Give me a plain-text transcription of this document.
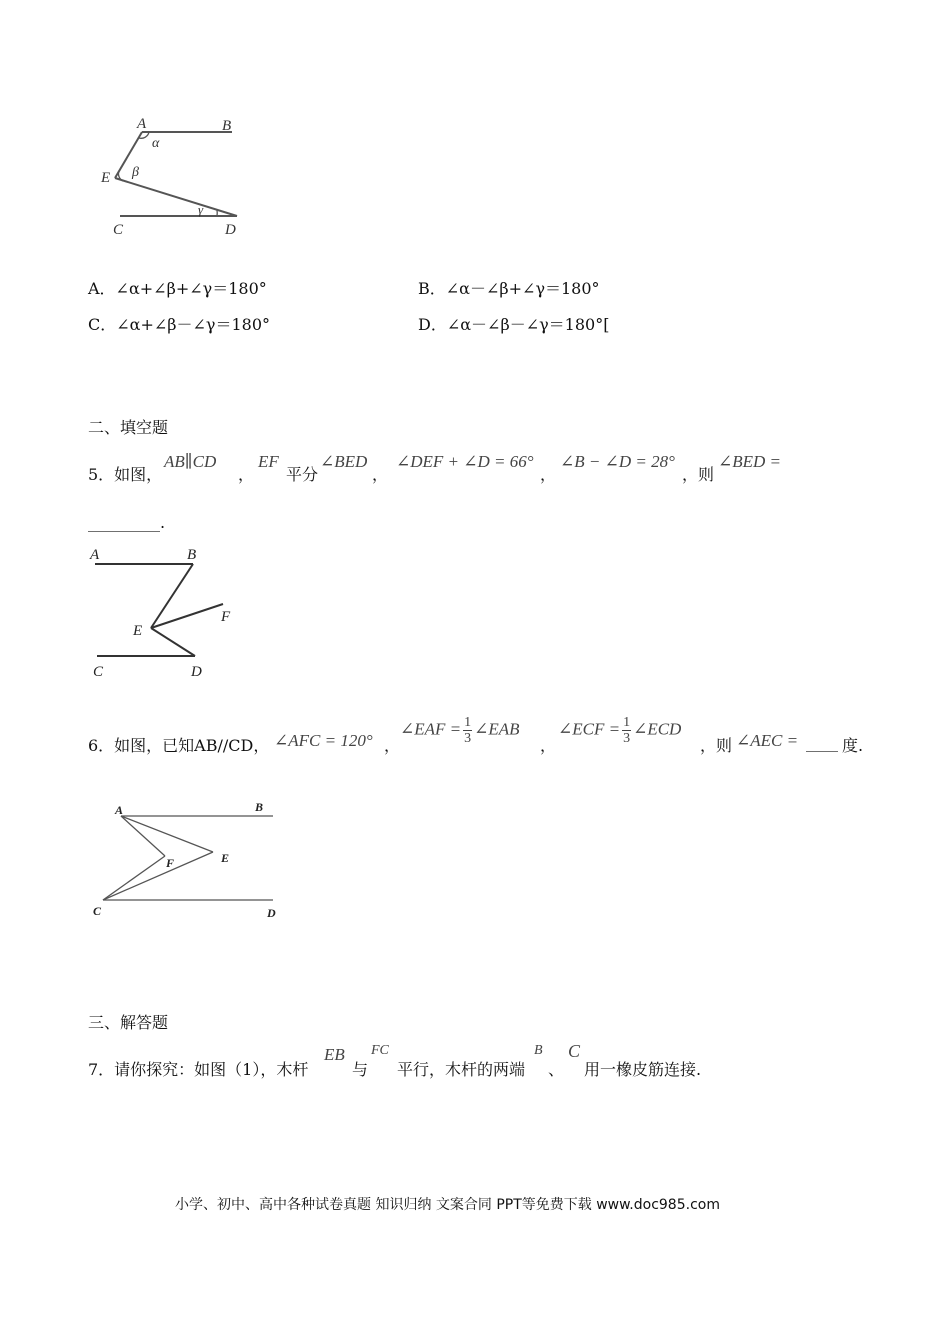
A	B
α
E β
γ
C	D
A．∠α+∠β+∠γ＝180°	B．∠α－∠β+∠γ＝180°
C．∠α+∠β－∠γ＝180°	D．∠α－∠β－∠γ＝180°[
二、填空题
5．如图，
AB∥CD
，
EF
平分
∠BED
，
∠DEF + ∠D = 66°
，
∠B − ∠D = 28°
，则
∠BED =
_________.
A	B
F
E
C	D
6．如图，已知AB//CD， ∠AFC = 120° ，
∠EAF = $\frac{1}{3}$ ∠EAB
，
∠ECF = $\frac{1}{3}$ ∠ECD
，则 ∠AEC = ____ 度.
A	B
F	E
C	D
三、解答题
7．请你探究：如图（1），木杆
EB
与
FC
平行，木杆的两端
B
、
C
用一橡皮筋连接.
小学、初中、高中各种试卷真题 知识归纳 文案合同 PPT等免费下载 www.doc985.com
